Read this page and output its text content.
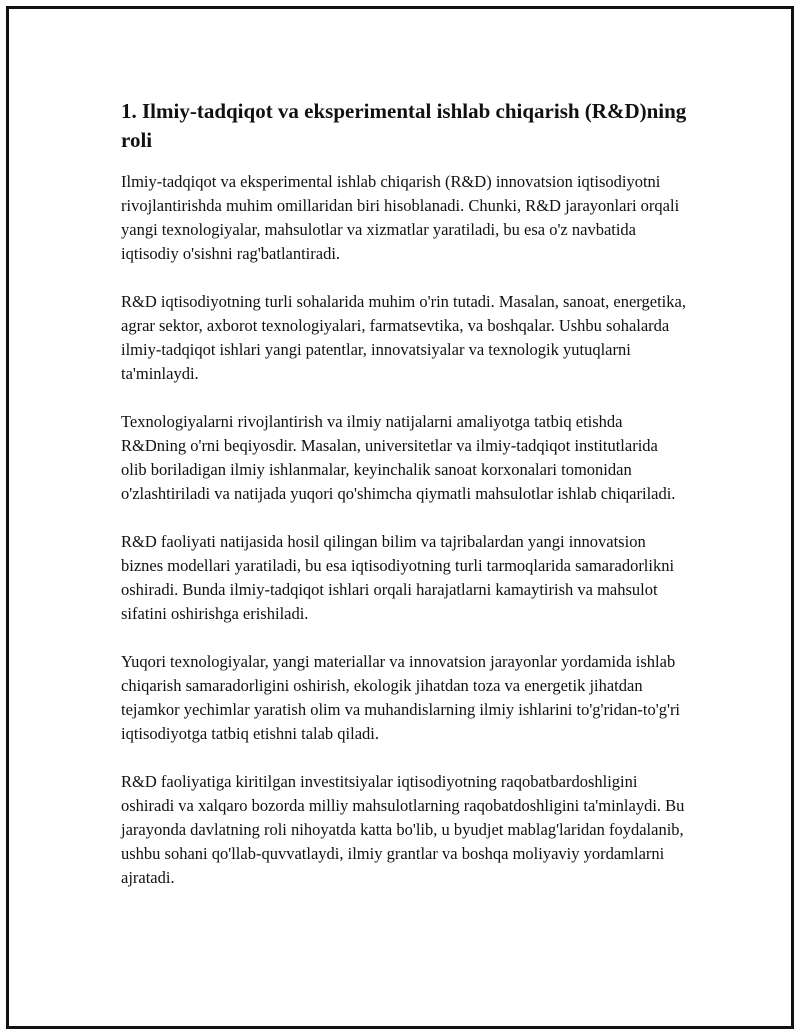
1. Ilmiy-tadqiqot va eksperimental ishlab chiqarish (R&D)ning roli

Ilmiy-tadqiqot va eksperimental ishlab chiqarish (R&D) innovatsion iqtisodiyotni rivojlantirishda muhim omillaridan biri hisoblanadi. Chunki, R&D jarayonlari orqali yangi texnologiyalar, mahsulotlar va xizmatlar yaratiladi, bu esa o'z navbatida iqtisodiy o'sishni rag'batlantiradi.

R&D iqtisodiyotning turli sohalarida muhim o'rin tutadi. Masalan, sanoat, energetika, agrar sektor, axborot texnologiyalari, farmatsevtika, va boshqalar. Ushbu sohalarda ilmiy-tadqiqot ishlari yangi patentlar, innovatsiyalar va texnologik yutuqlarni ta'minlaydi.

Texnologiyalarni rivojlantirish va ilmiy natijalarni amaliyotga tatbiq etishda R&Dning o'rni beqiyosdir. Masalan, universitetlar va ilmiy-tadqiqot institutlarida olib boriladigan ilmiy ishlanmalar, keyinchalik sanoat korxonalari tomonidan o'zlashtiriladi va natijada yuqori qo'shimcha qiymatli mahsulotlar ishlab chiqariladi.

R&D faoliyati natijasida hosil qilingan bilim va tajribalardan yangi innovatsion biznes modellari yaratiladi, bu esa iqtisodiyotning turli tarmoqlarida samaradorlikni oshiradi. Bunda ilmiy-tadqiqot ishlari orqali harajatlarni kamaytirish va mahsulot sifatini oshirishga erishiladi.

Yuqori texnologiyalar, yangi materiallar va innovatsion jarayonlar yordamida ishlab chiqarish samaradorligini oshirish, ekologik jihatdan toza va energetik jihatdan tejamkor yechimlar yaratish olim va muhandislarning ilmiy ishlarini to'g'ridan-to'g'ri iqtisodiyotga tatbiq etishni talab qiladi.

R&D faoliyatiga kiritilgan investitsiyalar iqtisodiyotning raqobatbardoshligini oshiradi va xalqaro bozorda milliy mahsulotlarning raqobatdoshligini ta'minlaydi. Bu jarayonda davlatning roli nihoyatda katta bo'lib, u byudjet mablag'laridan foydalanib, ushbu sohani qo'llab-quvvatlaydi, ilmiy grantlar va boshqa moliyaviy yordamlarni ajratadi.
